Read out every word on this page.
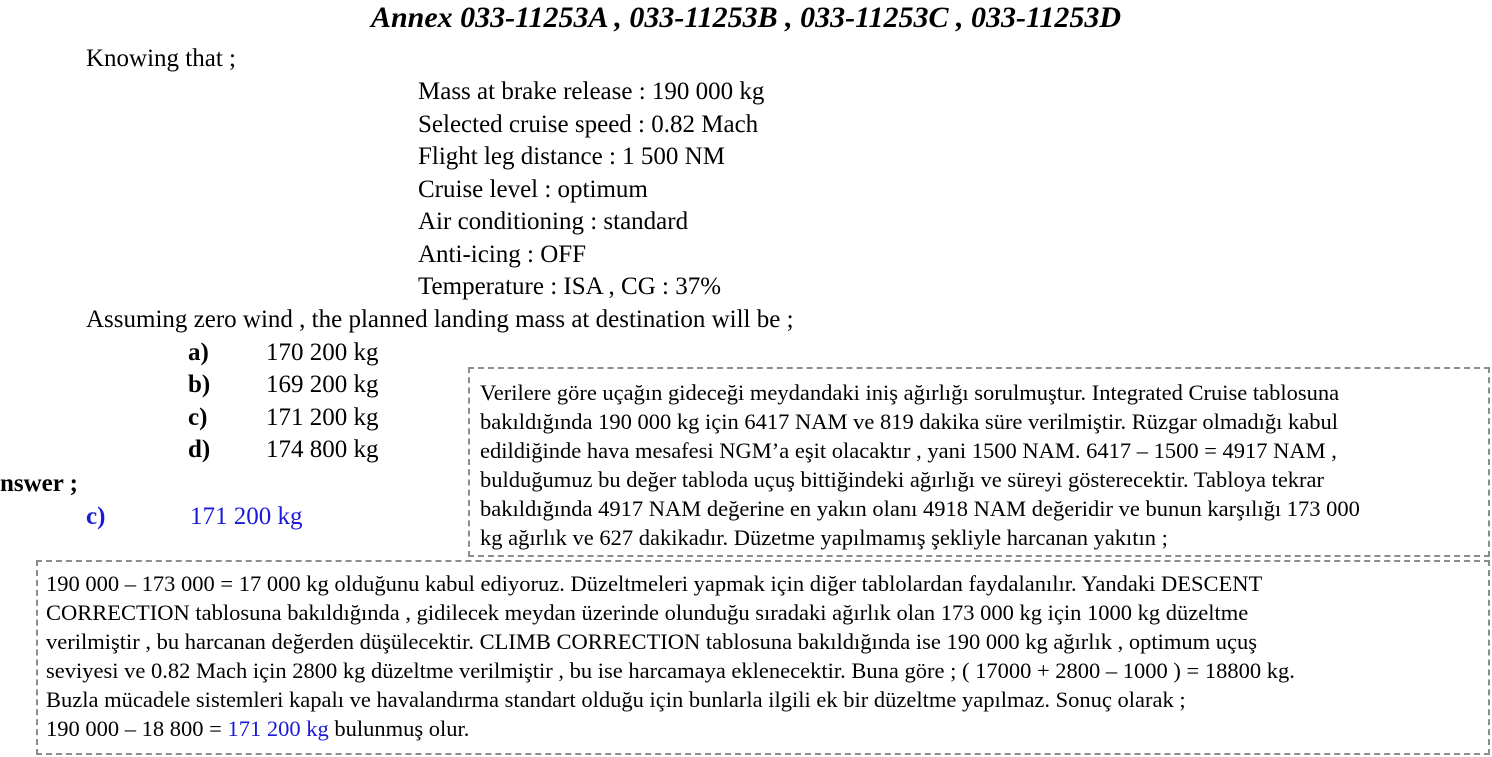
Annex 033-11253A , 033-11253B , 033-11253C , 033-11253D
Knowing that ;
Mass at brake release : 190 000 kg
Selected cruise speed : 0.82 Mach
Flight leg distance : 1 500 NM
Cruise level : optimum
Air conditioning : standard
Anti-icing : OFF
Temperature : ISA , CG : 37%
Assuming zero wind , the planned landing mass at destination will be ;
a) 170 200 kg
b) 169 200 kg
c) 171 200 kg
d) 174 800 kg
nswer ;
c)	171 200 kg
Verilere göre uçağın gideceği meydandaki iniş ağırlığı sorulmuştur. Integrated Cruise tablosuna
bakıldığında 190 000 kg için 6417 NAM ve 819 dakika süre verilmiştir. Rüzgar olmadığı kabul
edildiğinde hava mesafesi NGM’a eşit olacaktır , yani 1500 NAM. 6417 – 1500 = 4917 NAM ,
bulduğumuz bu değer tabloda uçuş bittiğindeki ağırlığı ve süreyi gösterecektir. Tabloya tekrar
bakıldığında 4917 NAM değerine en yakın olanı 4918 NAM değeridir ve bunun karşılığı 173 000
kg ağırlık ve 627 dakikadır. Düzetme yapılmamış şekliyle harcanan yakıtın ;
190 000 – 173 000 = 17 000 kg olduğunu kabul ediyoruz. Düzeltmeleri yapmak için diğer tablolardan faydalanılır. Yandaki DESCENT
CORRECTION tablosuna bakıldığında , gidilecek meydan üzerinde olunduğu sıradaki ağırlık olan 173 000 kg için 1000 kg düzeltme
verilmiştir , bu harcanan değerden düşülecektir. CLIMB CORRECTION tablosuna bakıldığında ise 190 000 kg ağırlık , optimum uçuş
seviyesi ve 0.82 Mach için 2800 kg düzeltme verilmiştir , bu ise harcamaya eklenecektir. Buna göre ; ( 17000 + 2800 – 1000 ) = 18800 kg.
Buzla mücadele sistemleri kapalı ve havalandırma standart olduğu için bunlarla ilgili ek bir düzeltme yapılmaz. Sonuç olarak ;
190 000 – 18 800 = 171 200 kg bulunmuş olur.
